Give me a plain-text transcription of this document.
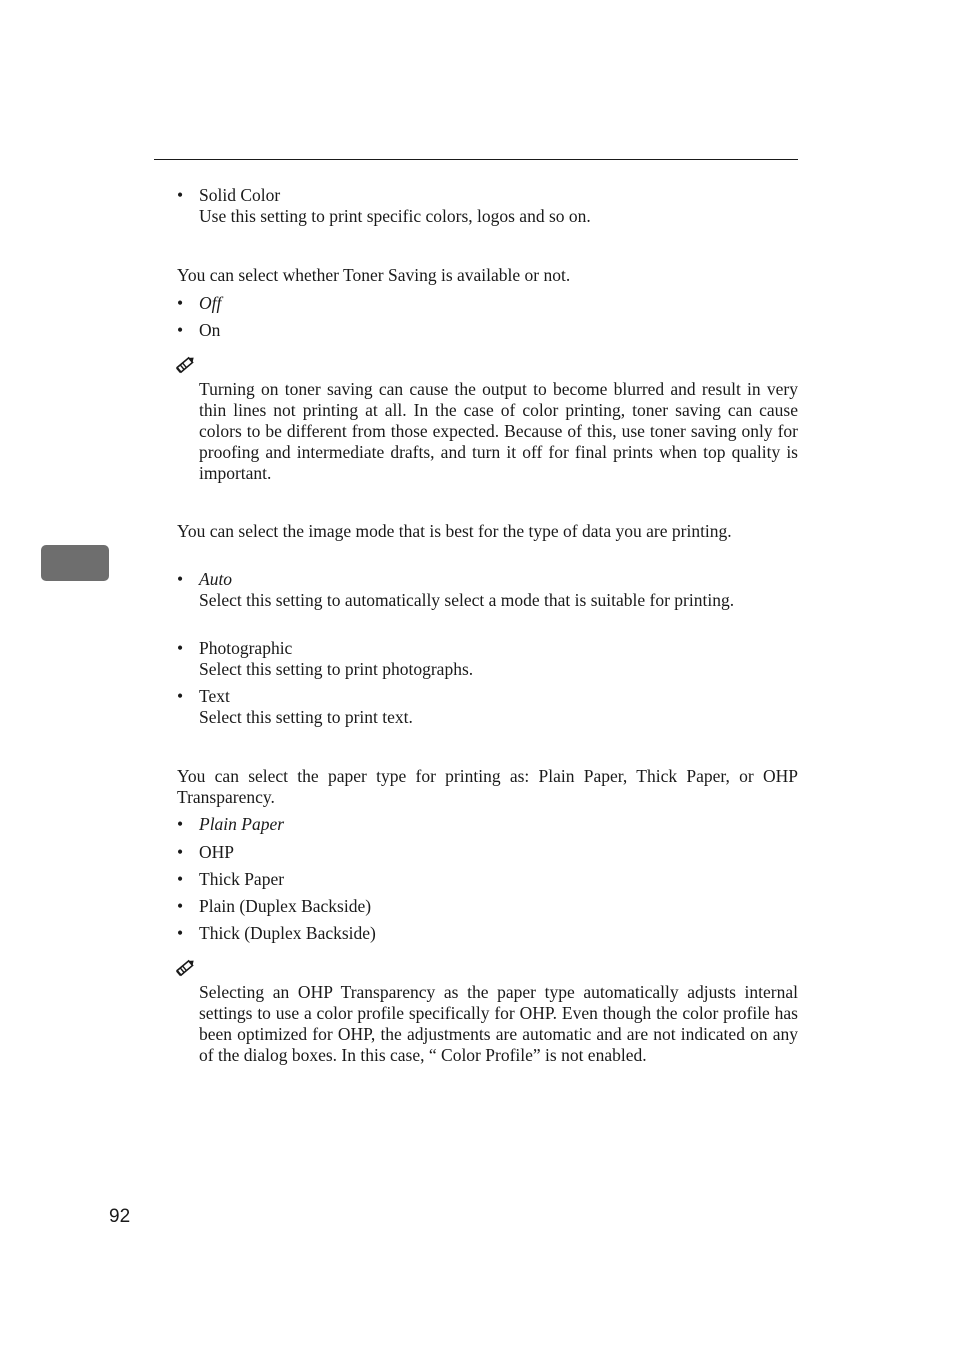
• Solid Color
Use this setting to print specific colors, logos and so on.
You can select whether Toner Saving is available or not.
• Off
• On
Turning on toner saving can cause the output to become blurred and result in very thin lines not printing at all. In the case of color printing, toner saving can cause colors to be different from those expected. Because of this, use toner saving only for proofing and intermediate drafts, and turn it off for final prints when top quality is important.
You can select the image mode that is best for the type of data you are printing.
• Auto
Select this setting to automatically select a mode that is suitable for printing.
• Photographic
Select this setting to print photographs.
• Text
Select this setting to print text.
You can select the paper type for printing as: Plain Paper, Thick Paper, or OHP Transparency.
• Plain Paper
• OHP
• Thick Paper
• Plain (Duplex Backside)
• Thick (Duplex Backside)
Selecting an OHP Transparency as the paper type automatically adjusts internal settings to use a color profile specifically for OHP. Even though the color profile has been optimized for OHP, the adjustments are automatic and are not indicated on any of the dialog boxes. In this case, “ Color Profile” is not enabled.
92
